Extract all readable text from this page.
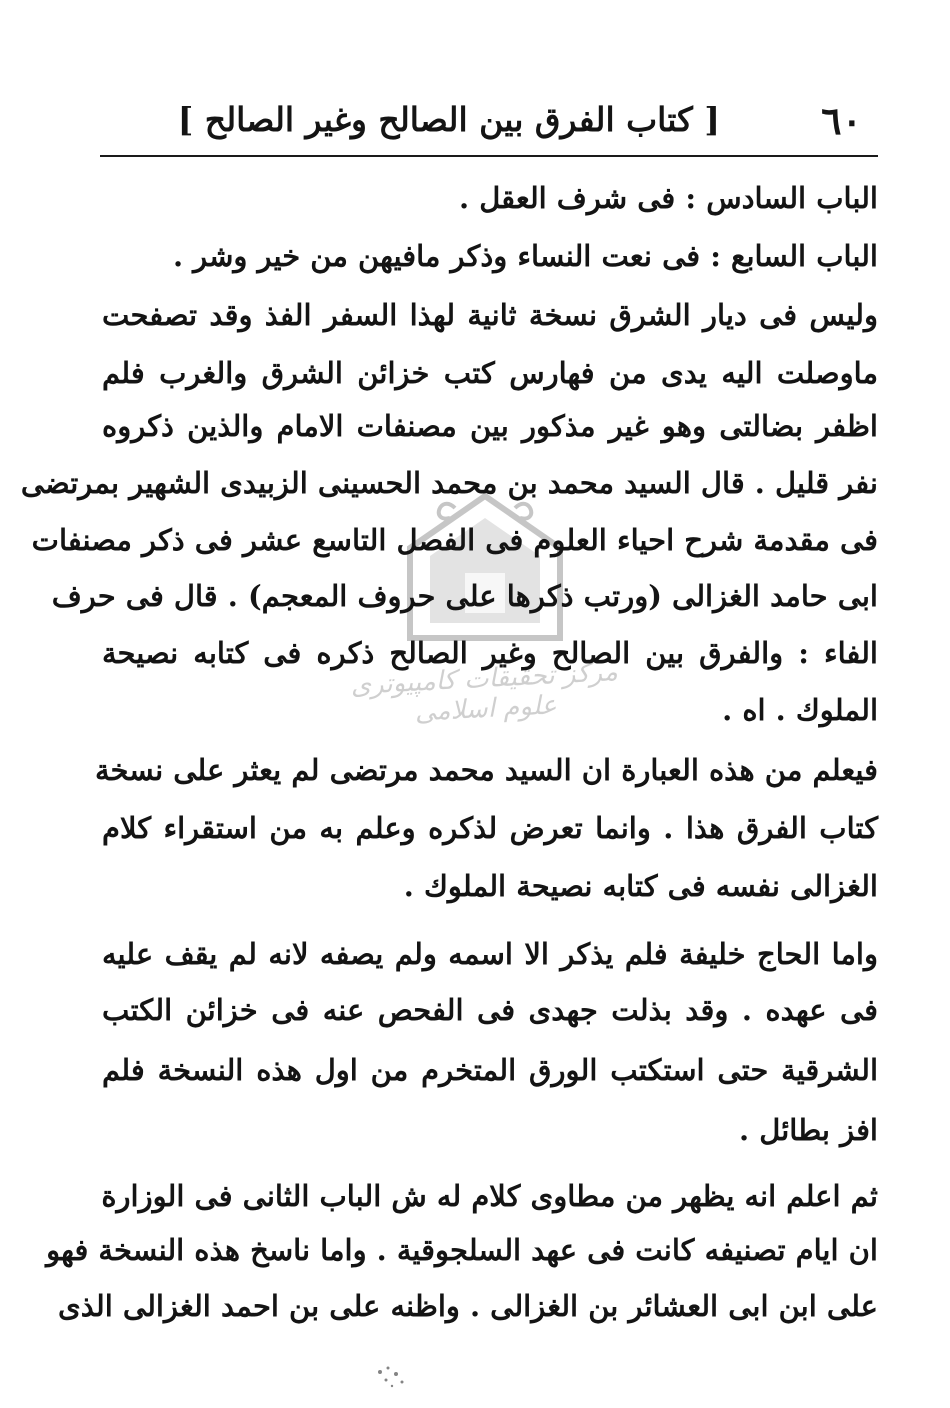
٦٠
[ كتاب الفرق بين الصالح وغير الصالح ]
مرکز تحقیقات کامپیوتری علوم اسلامی
الباب السادس : فى شرف العقل .
الباب السابع : فى نعت النساء وذكر مافيهن من خير وشر .
وليس فى ديار الشرق نسخة ثانية لهذا السفر الفذ وقد تصفحت
ماوصلت اليه يدى من فهارس كتب خزائن الشرق والغرب فلم
اظفر بضالتى وهو غير مذكور بين مصنفات الامام والذين ذكروه
نفر قليل . قال السيد محمد بن محمد الحسينى الزبيدى الشهير بمرتضى
فى مقدمة شرح احياء العلوم فى الفصل التاسع عشر فى ذكر مصنفات
ابى حامد الغزالى (ورتب ذكرها على حروف المعجم) . قال فى حرف
الفاء : والفرق بين الصالح وغير الصالح ذكره فى كتابه نصيحة
الملوك . اه .
فيعلم من هذه العبارة ان السيد محمد مرتضى لم يعثر على نسخة
كتاب الفرق هذا . وانما تعرض لذكره وعلم به من استقراء كلام
الغزالى نفسه فى كتابه نصيحة الملوك .
واما الحاج خليفة فلم يذكر الا اسمه ولم يصفه لانه لم يقف عليه
فى عهده . وقد بذلت جهدى فى الفحص عنه فى خزائن الكتب
الشرقية حتى استكتب الورق المتخرم من اول هذه النسخة فلم
افز بطائل .
ثم اعلم انه يظهر من مطاوى كلام له ش الباب الثانى فى الوزارة
ان ايام تصنيفه كانت فى عهد السلجوقية . واما ناسخ هذه النسخة فهو
على ابن ابى العشائر بن الغزالى . واظنه على بن احمد الغزالى الذى
